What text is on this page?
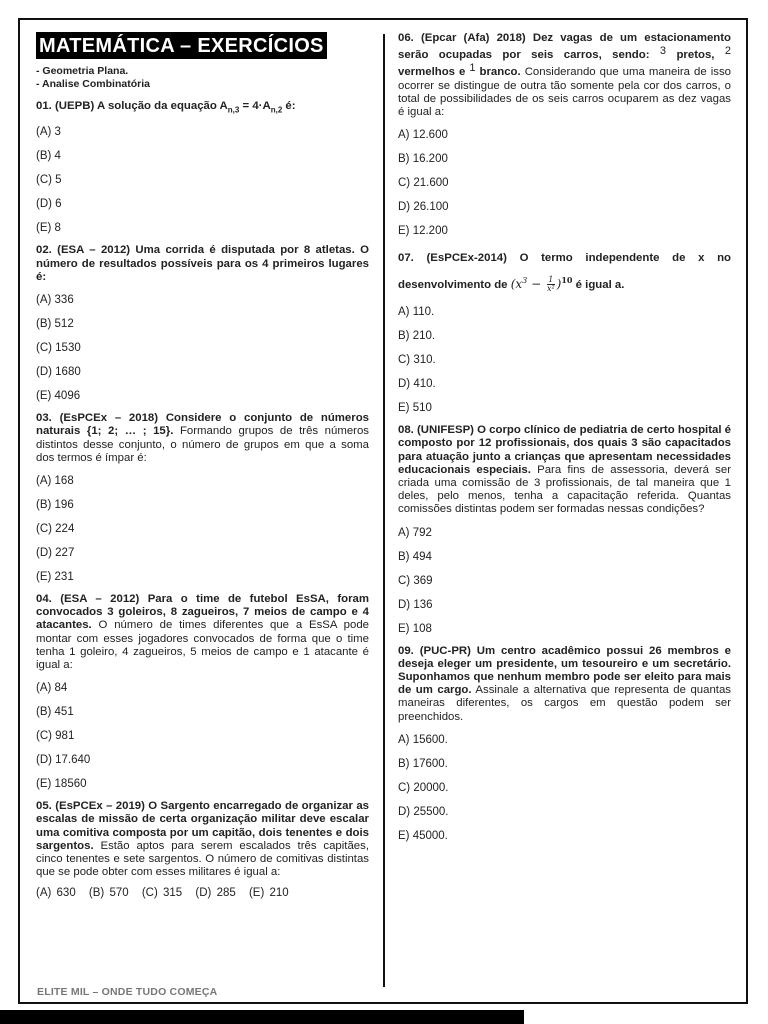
MATEMÁTICA – EXERCÍCIOS
- Geometria Plana.
- Analise Combinatória
01. (UEPB) A solução da equação $A_{n,3} = 4\cdot A_{n,2}$ é:
(A) 3
(B) 4
(C) 5
(D) 6
(E) 8
02. (ESA – 2012) Uma corrida é disputada por 8 atletas. O número de resultados possíveis para os 4 primeiros lugares é:
(A) 336
(B) 512
(C) 1530
(D) 1680
(E) 4096
03. (EsPCEx – 2018) Considere o conjunto de números naturais {1; 2; … ; 15}. Formando grupos de três números distintos desse conjunto, o número de grupos em que a soma dos termos é ímpar é:
(A) 168
(B) 196
(C) 224
(D) 227
(E) 231
04. (ESA – 2012) Para o time de futebol EsSA, foram convocados 3 goleiros, 8 zagueiros, 7 meios de campo e 4 atacantes. O número de times diferentes que a EsSA pode montar com esses jogadores convocados de forma que o time tenha 1 goleiro, 4 zagueiros, 5 meios de campo e 1 atacante é igual a:
(A) 84
(B) 451
(C) 981
(D) 17.640
(E) 18560
05. (EsPCEx – 2019) O Sargento encarregado de organizar as escalas de missão de certa organização militar deve escalar uma comitiva composta por um capitão, dois tenentes e dois sargentos. Estão aptos para serem escalados três capitães, cinco tenentes e sete sargentos. O número de comitivas distintas que se pode obter com esses militares é igual a:
(A) 630 (B) 570 (C) 315 (D) 285 (E) 210
06. (Epcar (Afa) 2018) Dez vagas de um estacionamento serão ocupadas por seis carros, sendo: 3 pretos, 2 vermelhos e 1 branco. Considerando que uma maneira de isso ocorrer se distingue de outra tão somente pela cor dos carros, o total de possibilidades de os seis carros ocuparem as dez vagas é igual a:
A) 12.600
B) 16.200
C) 21.600
D) 26.100
E) 12.200
07. (EsPCEx-2014) O termo independente de x no desenvolvimento de $(x^3 - \frac{1}{\text{x²}} )^{10}$ é igual a.
A) 110.
B) 210.
C) 310.
D) 410.
E) 510
08. (UNIFESP) O corpo clínico de pediatria de certo hospital é composto por 12 profissionais, dos quais 3 são capacitados para atuação junto a crianças que apresentam necessidades educacionais especiais. Para fins de assessoria, deverá ser criada uma comissão de 3 profissionais, de tal maneira que 1 deles, pelo menos, tenha a capacitação referida. Quantas comissões distintas podem ser formadas nessas condições?
A) 792
B) 494
C) 369
D) 136
E) 108
09. (PUC-PR) Um centro acadêmico possui 26 membros e deseja eleger um presidente, um tesoureiro e um secretário. Suponhamos que nenhum membro pode ser eleito para mais de um cargo. Assinale a alternativa que representa de quantas maneiras diferentes, os cargos em questão podem ser preenchidos.
A) 15600.
B) 17600.
C) 20000.
D) 25500.
E) 45000.
ELITE MIL – ONDE TUDO COMEÇA
